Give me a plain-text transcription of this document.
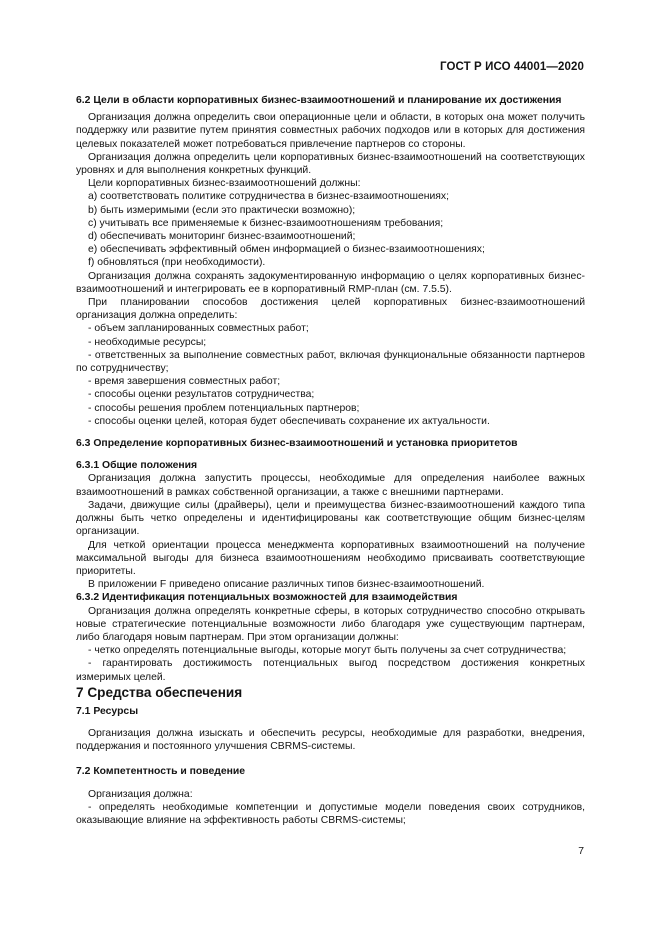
ГОСТ Р ИСО 44001—2020

6.2 Цели в области корпоративных бизнес-взаимоотношений и планирование их достижения

Организация должна определить свои операционные цели и области, в которых она может получить поддержку или развитие путем принятия совместных рабочих подходов или в которых для достижения целевых показателей может потребоваться привлечение партнеров со стороны.

Организация должна определить цели корпоративных бизнес-взаимоотношений на соответствующих уровнях и для выполнения конкретных функций.

Цели корпоративных бизнес-взаимоотношений должны:

a) соответствовать политике сотрудничества в бизнес-взаимоотношениях;

b) быть измеримыми (если это практически возможно);

c) учитывать все применяемые к бизнес-взаимоотношениям требования;

d) обеспечивать мониторинг бизнес-взаимоотношений;

e) обеспечивать эффективный обмен информацией о бизнес-взаимоотношениях;

f) обновляться (при необходимости).

Организация должна сохранять задокументированную информацию о целях корпоративных бизнес-взаимоотношений и интегрировать ее в корпоративный RMP-план (см. 7.5.5).

При планировании способов достижения целей корпоративных бизнес-взаимоотношений организация должна определить:

- объем запланированных совместных работ;

- необходимые ресурсы;

- ответственных за выполнение совместных работ, включая функциональные обязанности партнеров по сотрудничеству;

- время завершения совместных работ;

- способы оценки результатов сотрудничества;

- способы решения проблем потенциальных партнеров;

- способы оценки целей, которая будет обеспечивать сохранение их актуальности.

6.3 Определение корпоративных бизнес-взаимоотношений и установка приоритетов

6.3.1 Общие положения

Организация должна запустить процессы, необходимые для определения наиболее важных взаимоотношений в рамках собственной организации, а также с внешними партнерами.

Задачи, движущие силы (драйверы), цели и преимущества бизнес-взаимоотношений каждого типа должны быть четко определены и идентифицированы как соответствующие общим бизнес-целям организации.

Для четкой ориентации процесса менеджмента корпоративных взаимоотношений на получение максимальной выгоды для бизнеса взаимоотношениям необходимо присваивать соответствующие приоритеты.

В приложении F приведено описание различных типов бизнес-взаимоотношений.

6.3.2 Идентификация потенциальных возможностей для взаимодействия

Организация должна определять конкретные сферы, в которых сотрудничество способно открывать новые стратегические потенциальные возможности либо благодаря уже существующим партнерам, либо благодаря новым партнерам. При этом организации должны:

- четко определять потенциальные выгоды, которые могут быть получены за счет сотрудничества;

- гарантировать достижимость потенциальных выгод посредством достижения конкретных измеримых целей.

7 Средства обеспечения

7.1 Ресурсы

Организация должна изыскать и обеспечить ресурсы, необходимые для разработки, внедрения, поддержания и постоянного улучшения CBRMS-системы.

7.2 Компетентность и поведение

Организация должна:

- определять необходимые компетенции и допустимые модели поведения своих сотрудников, оказывающие влияние на эффективность работы CBRMS-системы;

7
